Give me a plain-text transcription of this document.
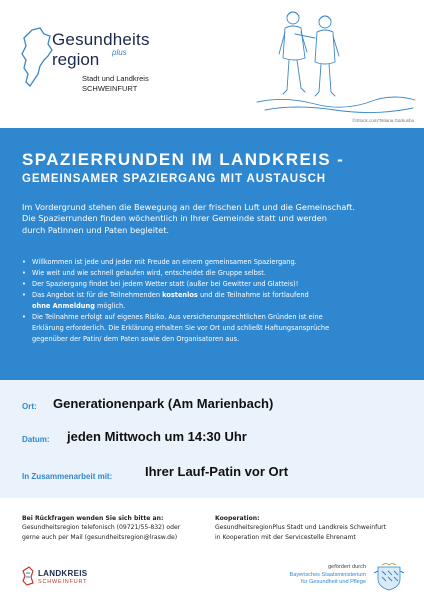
Gesundheits
region plus
Stadt und Landkreis
SCHWEINFURT
©iStock.com/Tatiana Garkusha
SPAZIERRUNDEN IM LANDKREIS -
GEMEINSAMER SPAZIERGANG MIT AUSTAUSCH
Im Vordergrund stehen die Bewegung an der frischen Luft und die Gemeinschaft.
Die Spazierrunden finden wöchentlich in Ihrer Gemeinde statt und werden
durch Patinnen und Paten begleitet.
• Willkommen ist jede und jeder mit Freude an einem gemeinsamen Spaziergang.
• Wie weit und wie schnell gelaufen wird, entscheidet die Gruppe selbst.
• Der Spaziergang findet bei jedem Wetter statt (außer bei Gewitter und Glatteis)!
• Das Angebot ist für die Teilnehmenden kostenlos und die Teilnahme ist fortlaufend
ohne Anmeldung möglich.
• Die Teilnahme erfolgt auf eigenes Risiko. Aus versicherungsrechtlichen Gründen ist eine
Erklärung erforderlich. Die Erklärung erhalten Sie vor Ort und schließt Haftungsansprüche
gegenüber der Patin/ dem Paten sowie den Organisatoren aus.
Ort: Generationenpark (Am Marienbach)
Datum: jeden Mittwoch um 14:30 Uhr
In Zusammenarbeit mit:	Ihrer Lauf-Patin vor Ort
Bei Rückfragen wenden Sie sich bitte an:
Gesundheitsregion telefonisch (09721/55-832) oder
gerne auch per Mail (gesundheitsregion@lrasw.de)
Kooperation:
GesundheitsregionPlus Stadt und Landkreis Schweinfurt
in Kooperation mit der Servicestelle Ehrenamt
LANDKREIS
SCHWEINFURT
gefördert durch
Bayerisches Staatsministerium
für Gesundheit und Pflege
